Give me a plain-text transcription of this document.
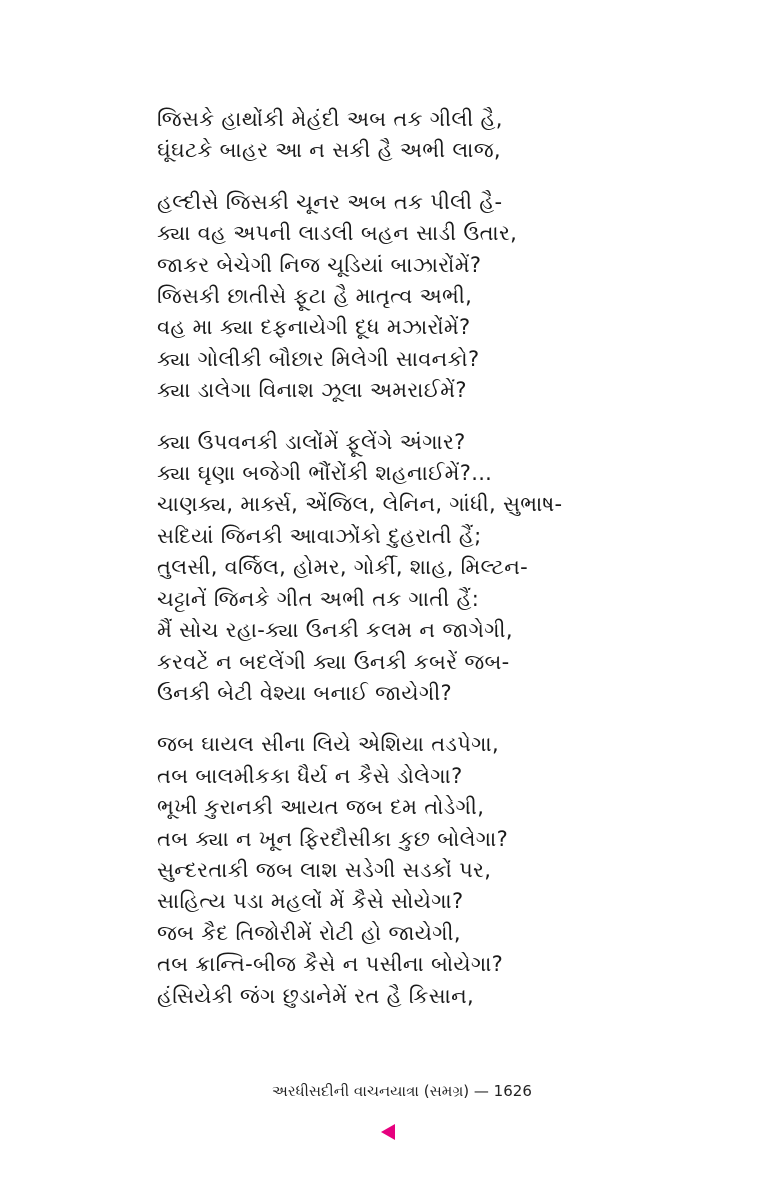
જિસકે હાથોંકી મેહંદી અબ તક ગીલી હૈ,
ઘૂંઘટકે બાહર આ ન સકી હૈ અભી લાજ,
હલ્દીસે જિસકી ચૂનર અબ તક પીલી હૈ-
ક્યા વહ અપની લાડલી બહન સાડી ઉતાર,
જાકર બેચેગી નિજ ચૂડિયાં બાઝારોંમેં?
જિસકી છાતીસે ફૂટા હૈ માતૃત્વ અભી,
વહ મા ક્યા દફનાયેગી દૂધ મઝારોંમેં?
ક્યા ગોલીકી બૌછાર મિલેગી સાવનકો?
ક્યા ડાલેગા વિનાશ ઝૂલા અમરાઈમેં?
ક્યા ઉપવનકી ડાલોંમેં ફૂલેંગે અંગાર?
ક્યા ઘૃણા બજેગી ભૌંરોંકી શહનાઈમેં?...
ચાણક્ય, માર્ક્સ, એંજિલ, લેનિન, ગાંધી, સુભાષ-
સદિયાં જિનકી આવાઝોંકો દુહરાતી હૈં;
તુલસી, વર્જિલ, હોમર, ગોર્કી, શાહ, મિલ્ટન-
ચટ્ટાનેં જિનકે ગીત અભી તક ગાતી હૈં:
મૈં સોચ રહા-ક્યા ઉનકી કલમ ન જાગેગી,
કરવટેં ન બદલેંગી ક્યા ઉનકી કબરેં જબ-
ઉનકી બેટી વેશ્યા બનાઈ જાયેગી?
જબ ઘાયલ સીના લિયે એશિયા તડપેગા,
તબ બાલમીકકા ધૈર્ય ન કૈસે ડોલેગા?
ભૂખી કુરાનકી આયત જબ દમ તોડેગી,
તબ ક્યા ન ખૂન ફિરદૌસીકા કુછ બોલેગા?
સુન્દરતાકી જબ લાશ સડેગી સડકોં પર,
સાહિત્ય પડા મહલોં મેં કૈસે સોયેગા?
જબ કૈદ તિજોરીમેં રોટી હો જાયેગી,
તબ ક્રાન્તિ-બીજ કૈસે ન પસીના બોયેગા?
હંસિયેકી જંગ છુડાનેમેં રત હૈ કિસાન,
અરધીસદીની વાચનયાત્રા (સમગ્ર) — 1626
